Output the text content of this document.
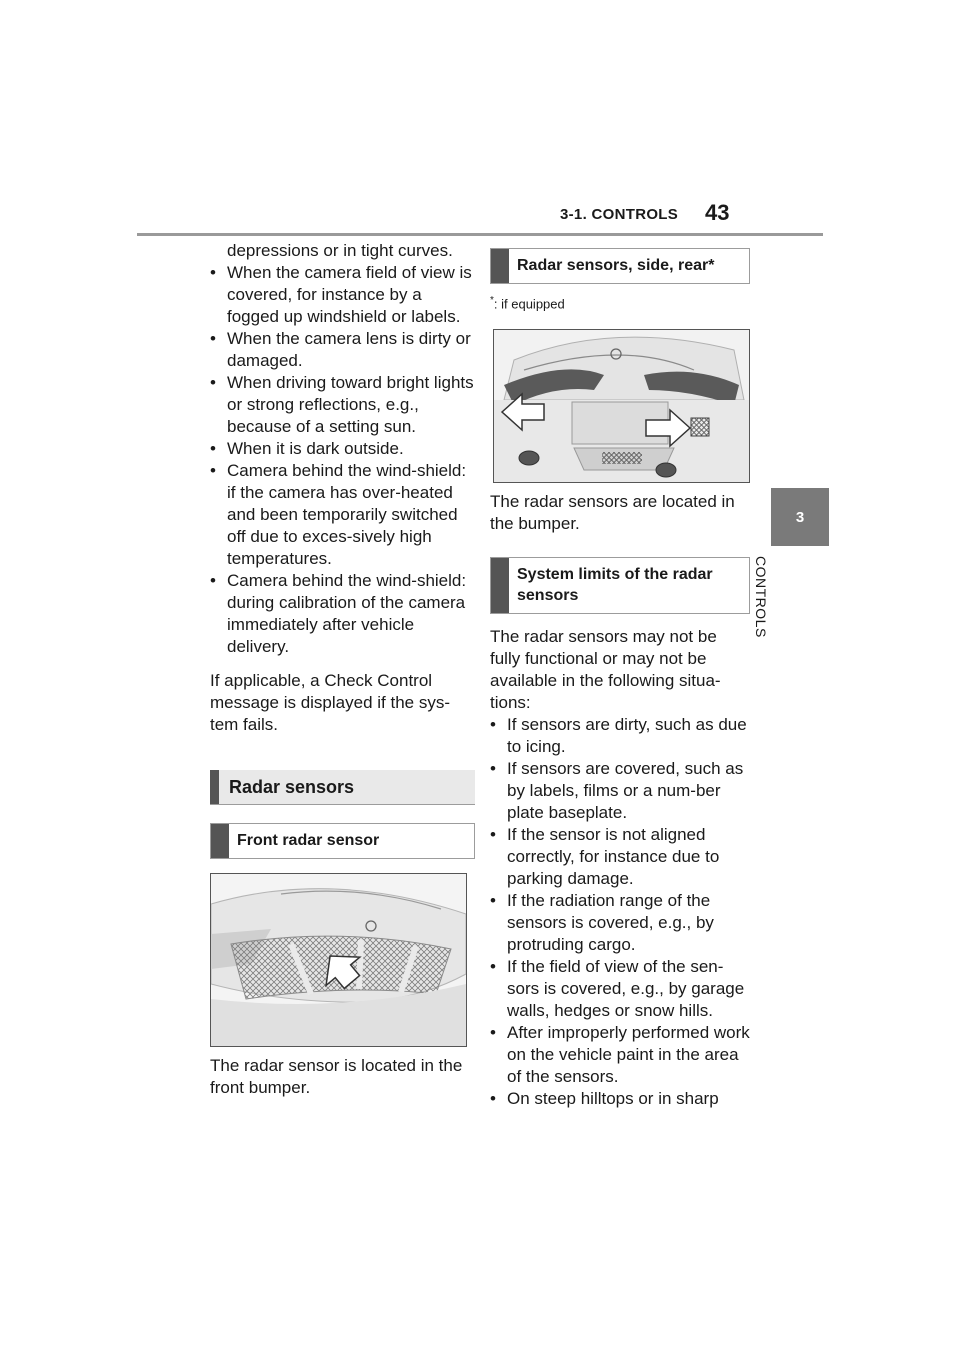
3-1. CONTROLS 43
3
CONTROLS

depressions or in tight curves.

• When the camera field of view is covered, for instance by a fogged up windshield or labels.
• When the camera lens is dirty or damaged.
• When driving toward bright lights or strong reflections, e.g., because of a setting sun.
• When it is dark outside.
• Camera behind the wind-shield: if the camera has over-heated and been temporarily switched off due to exces-sively high temperatures.
• Camera behind the wind-shield: during calibration of the camera immediately after vehicle delivery.

If applicable, a Check Control message is displayed if the sys-tem fails.

Radar sensors
Front radar sensor

The radar sensor is located in the front bumper.

Radar sensors, side, rear*
*: if equipped

The radar sensors are located in the bumper.

System limits of the radar sensors

The radar sensors may not be fully functional or may not be available in the following situa-tions:

• If sensors are dirty, such as due to icing.
• If sensors are covered, such as by labels, films or a num-ber plate baseplate.
• If the sensor is not aligned correctly, for instance due to parking damage.
• If the radiation range of the sensors is covered, e.g., by protruding cargo.
• If the field of view of the sen-sors is covered, e.g., by garage walls, hedges or snow hills.
• After improperly performed work on the vehicle paint in the area of the sensors.
• On steep hilltops or in sharp
